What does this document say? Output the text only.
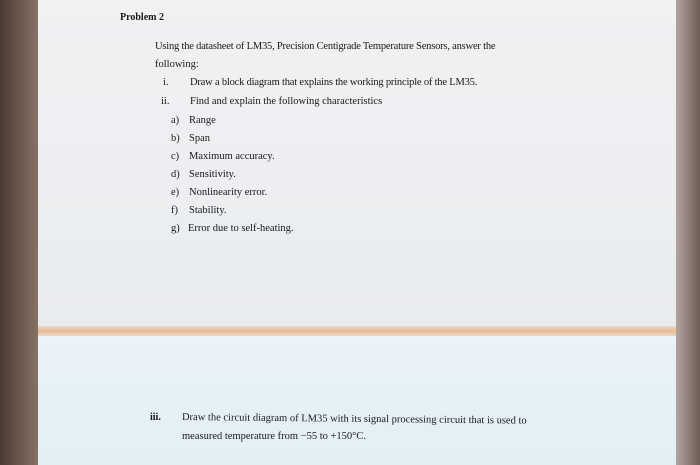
Problem 2
Using the datasheet of LM35, Precision Centigrade Temperature Sensors, answer the
following:
i. Draw a block diagram that explains the working principle of the LM35.
ii. Find and explain the following characteristics
a) Range
b) Span
c) Maximum accuracy.
d) Sensitivity.
e) Nonlinearity error.
f) Stability.
g) Error due to self-heating.
iii. Draw the circuit diagram of LM35 with its signal processing circuit that is used to
measured temperature from −55 to +150°C.
